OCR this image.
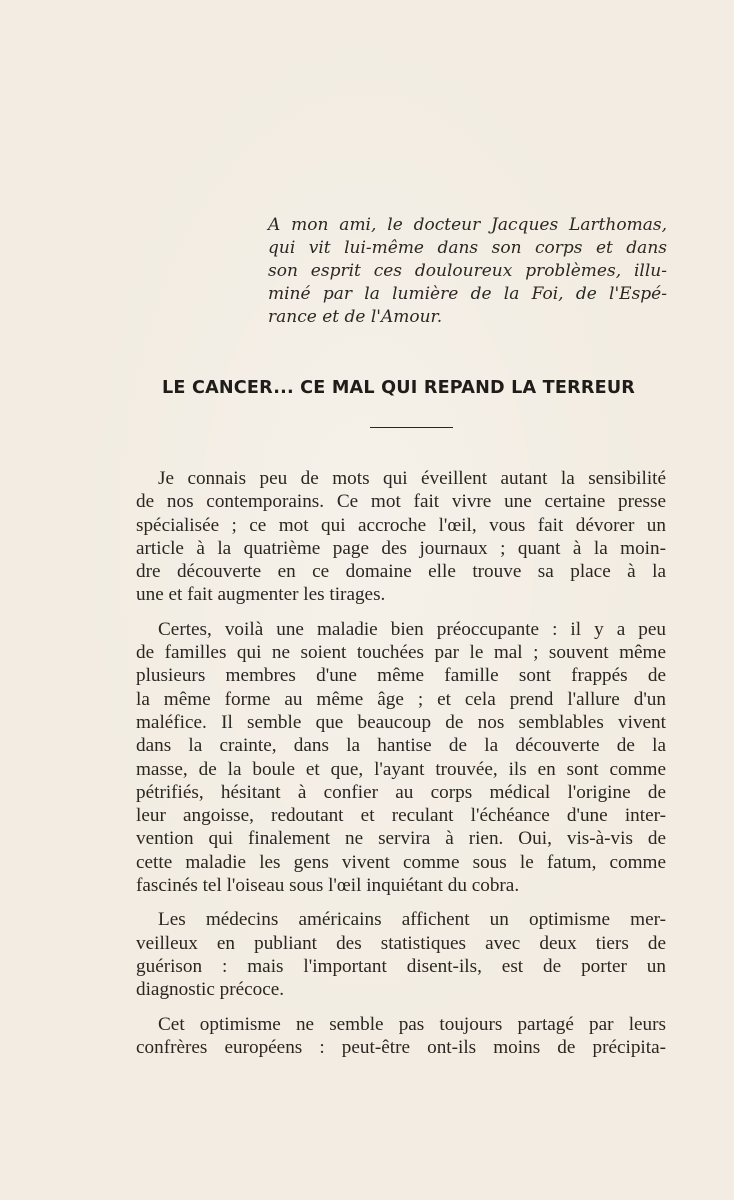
A mon ami, le docteur Jacques Larthomas,
qui vit lui-même dans son corps et dans
son esprit ces douloureux problèmes, illu-
miné par la lumière de la Foi, de l'Espé-
rance et de l'Amour.
LE CANCER... CE MAL QUI REPAND LA TERREUR
Je connais peu de mots qui éveillent autant la sensibilité
de nos contemporains. Ce mot fait vivre une certaine presse
spécialisée ; ce mot qui accroche l'œil, vous fait dévorer un
article à la quatrième page des journaux ; quant à la moin-
dre découverte en ce domaine elle trouve sa place à la
une et fait augmenter les tirages.
Certes, voilà une maladie bien préoccupante : il y a peu
de familles qui ne soient touchées par le mal ; souvent même
plusieurs membres d'une même famille sont frappés de
la même forme au même âge ; et cela prend l'allure d'un
maléfice. Il semble que beaucoup de nos semblables vivent
dans la crainte, dans la hantise de la découverte de la
masse, de la boule et que, l'ayant trouvée, ils en sont comme
pétrifiés, hésitant à confier au corps médical l'origine de
leur angoisse, redoutant et reculant l'échéance d'une inter-
vention qui finalement ne servira à rien. Oui, vis-à-vis de
cette maladie les gens vivent comme sous le fatum, comme
fascinés tel l'oiseau sous l'œil inquiétant du cobra.
Les médecins américains affichent un optimisme mer-
veilleux en publiant des statistiques avec deux tiers de
guérison : mais l'important disent-ils, est de porter un
diagnostic précoce.
Cet optimisme ne semble pas toujours partagé par leurs
confrères européens : peut-être ont-ils moins de précipita-
